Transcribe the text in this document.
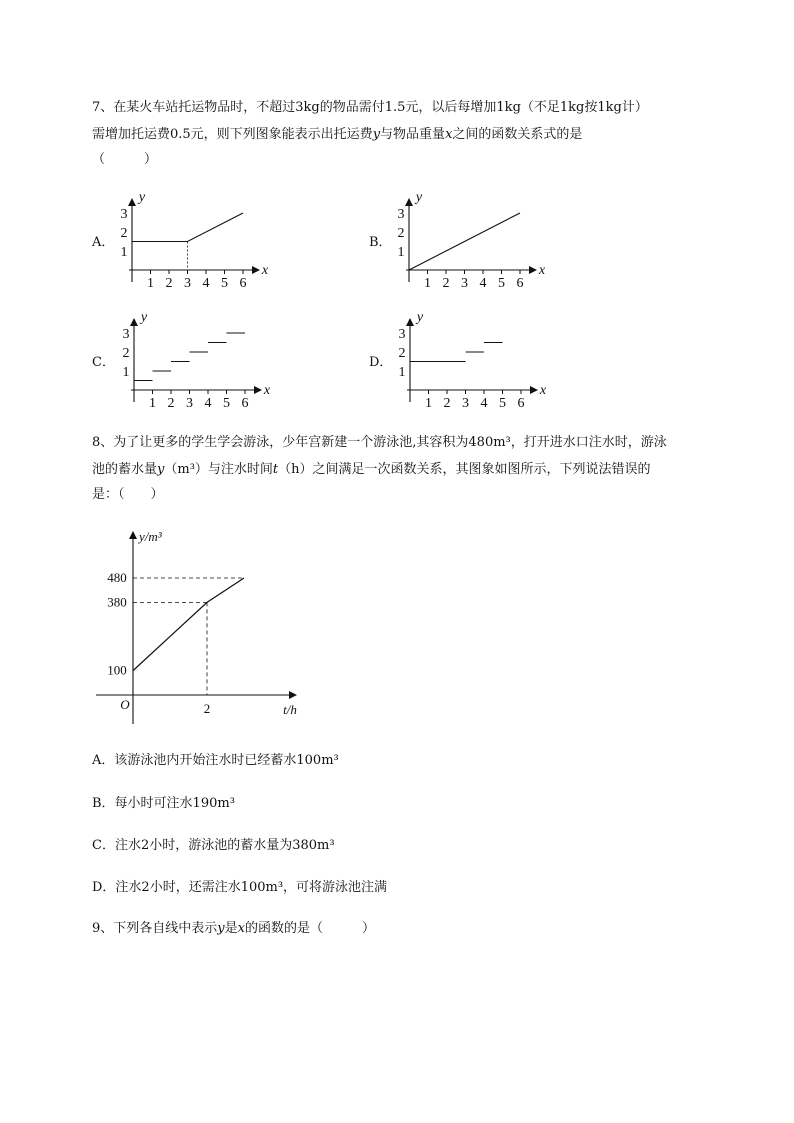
7、在某火车站托运物品时，不超过3kg的物品需付1.5元，以后每增加1kg（不足1kg按1kg计）
需增加托运费0.5元，则下列图象能表示出托运费y与物品重量x之间的函数关系式的是
（　　　）
A．	B．
C．	D．
x
y
1 2 3 4 5 6
1
2
3
x
y
1 2 3 4 5 6
1
2
3
x
y
1 2 3 4 5 6
1
2
3
x
y
1 2 3 4 5 6
1
2
3
y/m³
t/h
O
480
380
100
2
8、为了让更多的学生学会游泳，少年宫新建一个游泳池,其容积为480m³，打开进水口注水时，游泳
池的蓄水量y（m³）与注水时间t（h）之间满足一次函数关系，其图象如图所示，下列说法错误的
是：（　　）
A．该游泳池内开始注水时已经蓄水100m³
B．每小时可注水190m³
C．注水2小时，游泳池的蓄水量为380m³
D．注水2小时，还需注水100m³，可将游泳池注满
9、下列各自线中表示y是x的函数的是（　　　）
